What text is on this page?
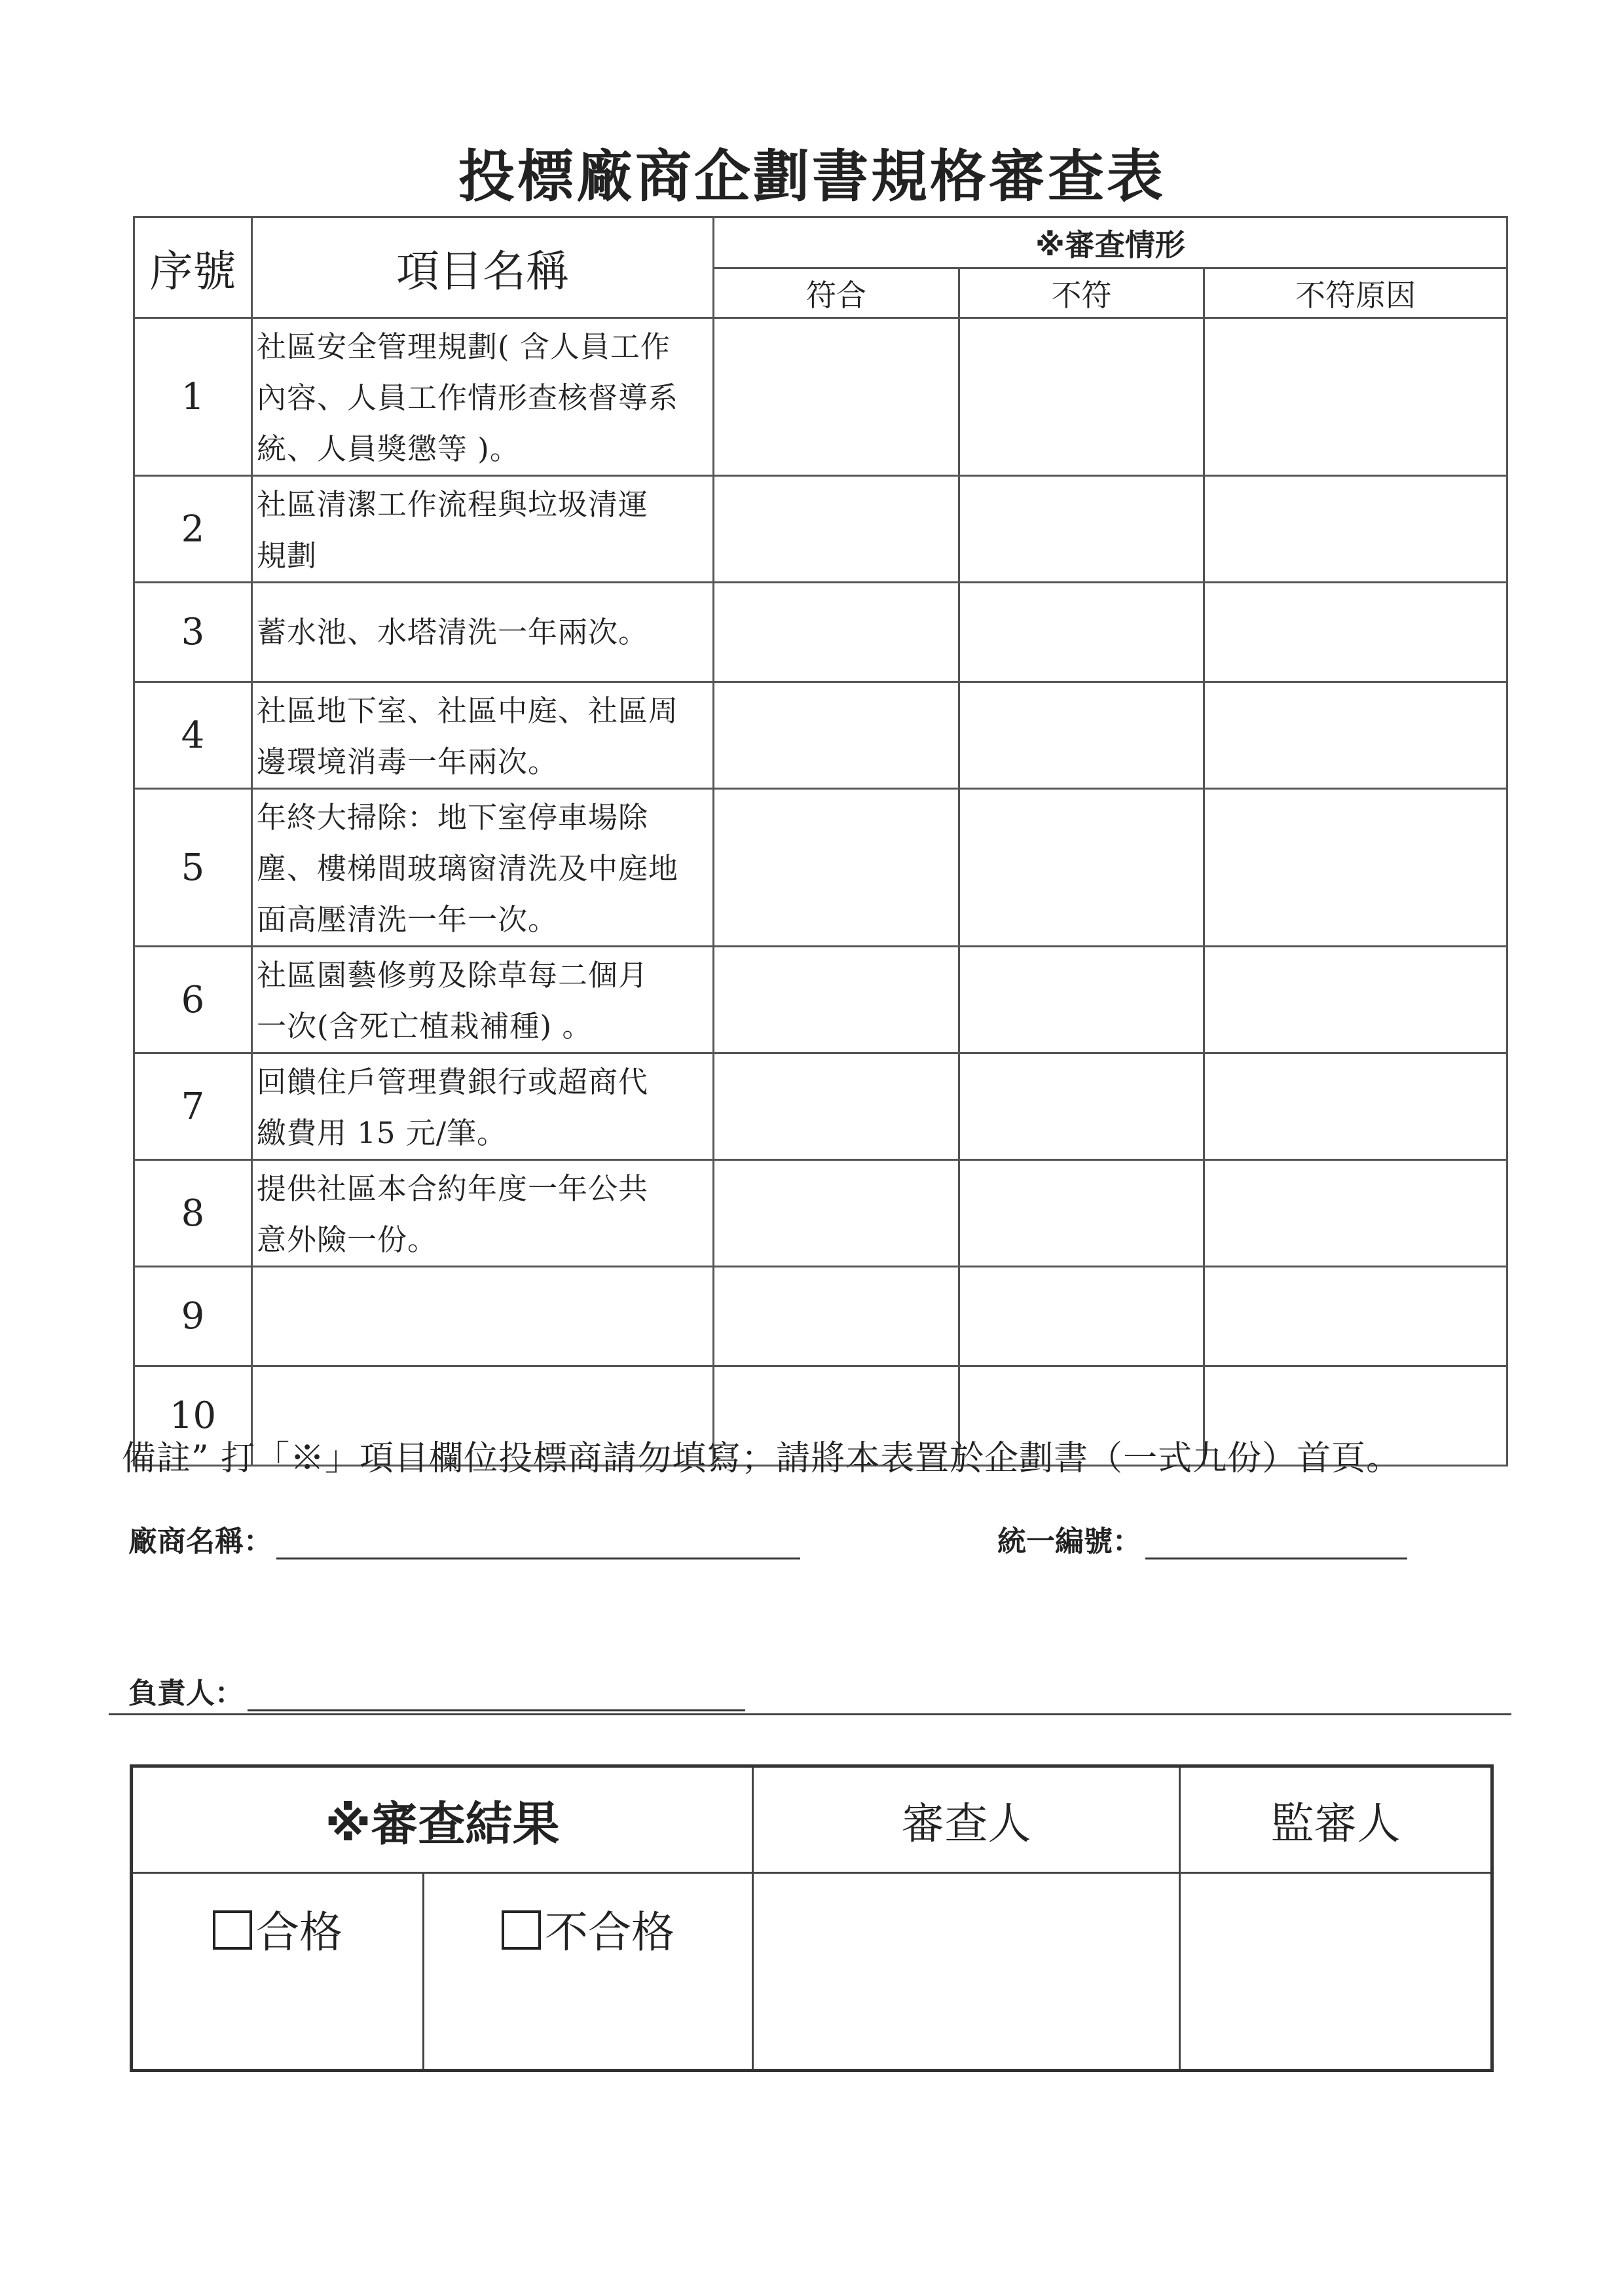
投標廠商企劃書規格審查表
序號	項目名稱	※審查情形		
		符合	不符	不符原因
1	社區安全管理規劃( 含人員工作
內容、人員工作情形查核督導系
統、人員獎懲等 )。			

2	社區清潔工作流程與垃圾清運
規劃			

3	蓄水池、水塔清洗一年兩次。			

4	社區地下室、社區中庭、社區周
邊環境消毒一年兩次。			

5	年終大掃除：地下室停車場除
塵、樓梯間玻璃窗清洗及中庭地
面高壓清洗一年一次。			

6	社區園藝修剪及除草每二個月
一次(含死亡植栽補種) 。			

7	回饋住戶管理費銀行或超商代
繳費用 15 元/筆。			

8	提供社區本合約年度一年公共
意外險一份。			

9				
10				
備註” 打「※」項目欄位投標商請勿填寫；請將本表置於企劃書（一式九份）首頁。
廠商名稱：	統一編號：
負責人：
※審查結果		審查人	監審人
合格	不合格		
